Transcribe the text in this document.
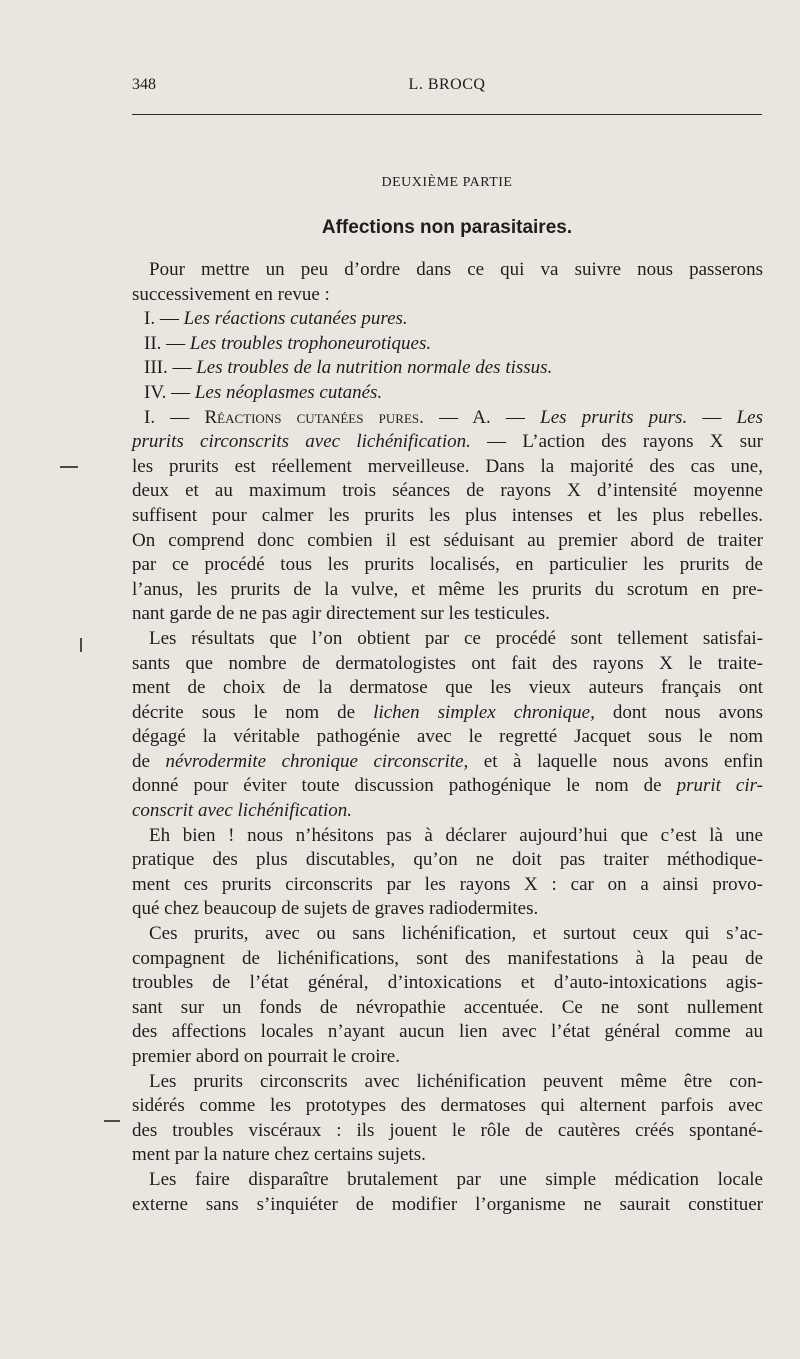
348	L. BROCQ
DEUXIÈME PARTIE
Affections non parasitaires.
Pour mettre un peu d’ordre dans ce qui va suivre nous passerons
successivement en revue :
I. — Les réactions cutanées pures.
II. — Les troubles trophoneurotiques.
III. — Les troubles de la nutrition normale des tissus.
IV. — Les néoplasmes cutanés.
I. — Réactions cutanées pures. — A. — Les prurits purs. — Les
prurits circonscrits avec lichénification. — L’action des rayons X sur
les prurits est réellement merveilleuse. Dans la majorité des cas une,
deux et au maximum trois séances de rayons X d’intensité moyenne
suffisent pour calmer les prurits les plus intenses et les plus rebelles.
On comprend donc combien il est séduisant au premier abord de traiter
par ce procédé tous les prurits localisés, en particulier les prurits de
l’anus, les prurits de la vulve, et même les prurits du scrotum en pre-
nant garde de ne pas agir directement sur les testicules.
Les résultats que l’on obtient par ce procédé sont tellement satisfai-
sants que nombre de dermatologistes ont fait des rayons X le traite-
ment de choix de la dermatose que les vieux auteurs français ont
décrite sous le nom de lichen simplex chronique, dont nous avons
dégagé la véritable pathogénie avec le regretté Jacquet sous le nom
de névrodermite chronique circonscrite, et à laquelle nous avons enfin
donné pour éviter toute discussion pathogénique le nom de prurit cir-
conscrit avec lichénification.
Eh bien ! nous n’hésitons pas à déclarer aujourd’hui que c’est là une
pratique des plus discutables, qu’on ne doit pas traiter méthodique-
ment ces prurits circonscrits par les rayons X : car on a ainsi provo-
qué chez beaucoup de sujets de graves radiodermites.
Ces prurits, avec ou sans lichénification, et surtout ceux qui s’ac-
compagnent de lichénifications, sont des manifestations à la peau de
troubles de l’état général, d’intoxications et d’auto-intoxications agis-
sant sur un fonds de névropathie accentuée. Ce ne sont nullement
des affections locales n’ayant aucun lien avec l’état général comme au
premier abord on pourrait le croire.
Les prurits circonscrits avec lichénification peuvent même être con-
sidérés comme les prototypes des dermatoses qui alternent parfois avec
des troubles viscéraux : ils jouent le rôle de cautères créés spontané-
ment par la nature chez certains sujets.
Les faire disparaître brutalement par une simple médication locale
externe sans s’inquiéter de modifier l’organisme ne saurait constituer
